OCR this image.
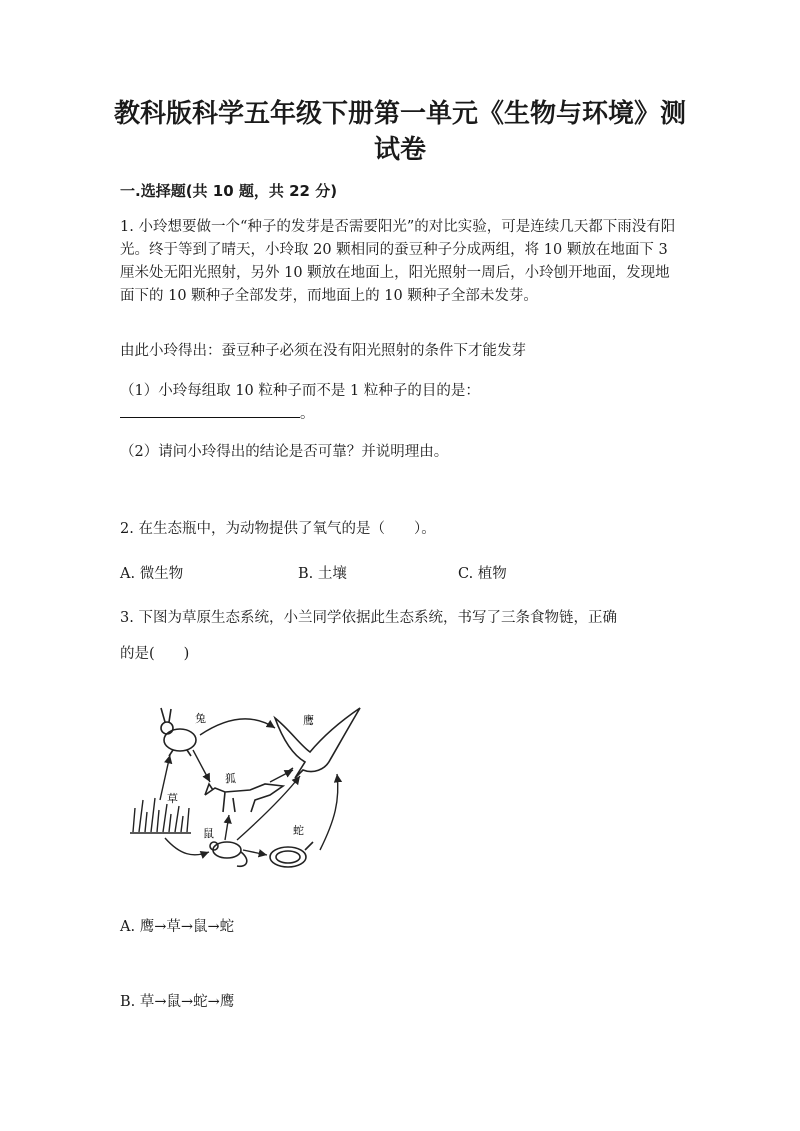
教科版科学五年级下册第一单元《生物与环境》测
试卷
一.选择题(共 10 题，共 22 分)
1. 小玲想要做一个“种子的发芽是否需要阳光”的对比实验，可是连续几天都下雨没有阳光。终于等到了晴天，小玲取 20 颗相同的蚕豆种子分成两组，将 10 颗放在地面下 3 厘米处无阳光照射，另外 10 颗放在地面上，阳光照射一周后，小玲刨开地面，发现地面下的 10 颗种子全部发芽，而地面上的 10 颗种子全部未发芽。
由此小玲得出：蚕豆种子必须在没有阳光照射的条件下才能发芽
（1）小玲每组取 10 粒种子而不是 1 粒种子的目的是：
。
（2）请问小玲得出的结论是否可靠？并说明理由。
2. 在生态瓶中，为动物提供了氧气的是（　　）。
A. 微生物	B. 土壤	C. 植物
3. 下图为草原生态系统，小兰同学依据此生态系统，书写了三条食物链，正确
的是(　　)
兔	鹰
狐
草
鼠	蛇
A. 鹰→草→鼠→蛇
B. 草→鼠→蛇→鹰
